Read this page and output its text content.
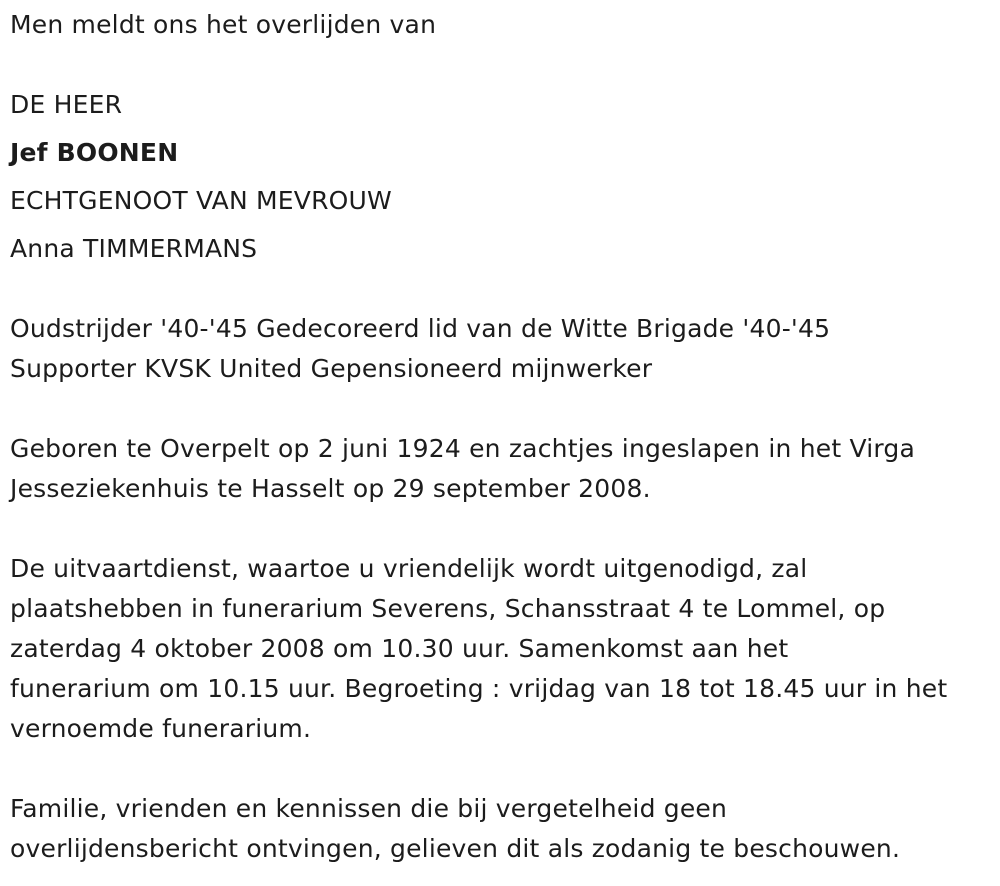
Men meldt ons het overlijden van
DE HEER
Jef BOONEN
ECHTGENOOT VAN MEVROUW
Anna TIMMERMANS
Oudstrijder '40-'45 Gedecoreerd lid van de Witte Brigade '40-'45
Supporter KVSK United Gepensioneerd mijnwerker
Geboren te Overpelt op 2 juni 1924 en zachtjes ingeslapen in het Virga
Jesseziekenhuis te Hasselt op 29 september 2008.
De uitvaartdienst, waartoe u vriendelijk wordt uitgenodigd, zal
plaatshebben in funerarium Severens, Schansstraat 4 te Lommel, op
zaterdag 4 oktober 2008 om 10.30 uur. Samenkomst aan het
funerarium om 10.15 uur. Begroeting : vrijdag van 18 tot 18.45 uur in het
vernoemde funerarium.
Familie, vrienden en kennissen die bij vergetelheid geen
overlijdensbericht ontvingen, gelieven dit als zodanig te beschouwen.
